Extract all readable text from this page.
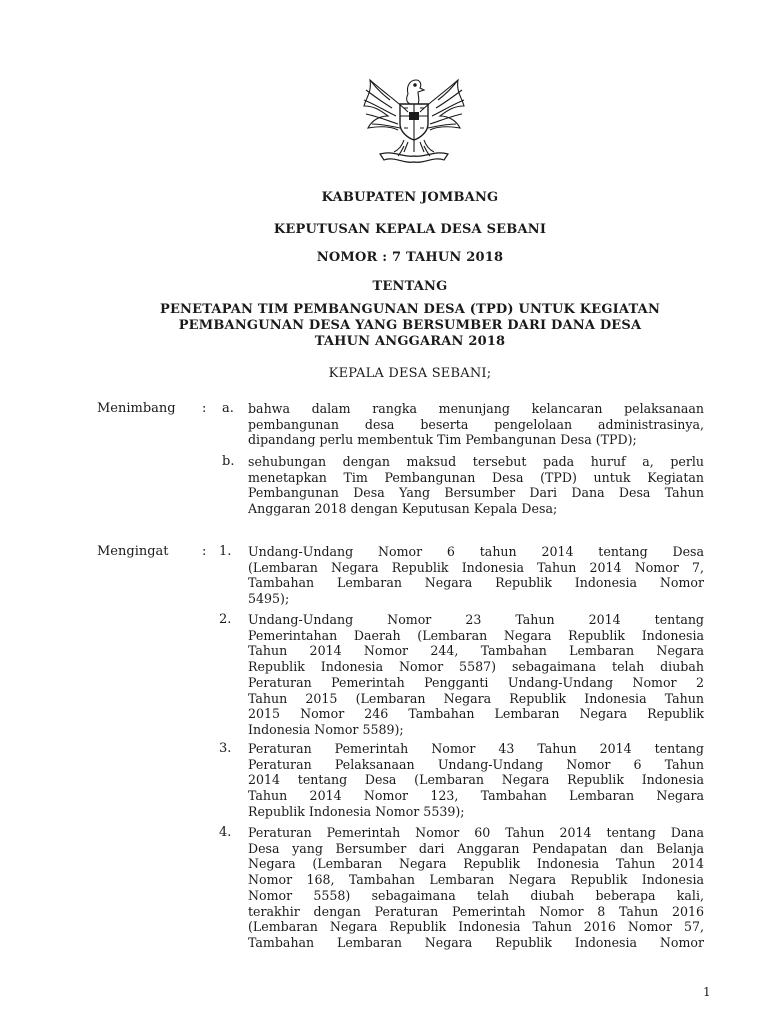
KABUPATEN JOMBANG
KEPUTUSAN KEPALA DESA SEBANI
NOMOR : 7 TAHUN 2018
TENTANG
PENETAPAN TIM PEMBANGUNAN DESA (TPD) UNTUK KEGIATAN
PEMBANGUNAN DESA YANG BERSUMBER DARI DANA DESA
TAHUN ANGGARAN 2018
KEPALA DESA SEBANI;
Menimbang : a. bahwa dalam rangka menunjang kelancaran pelaksanaan
pembangunan desa beserta pengelolaan administrasinya,
dipandang perlu membentuk Tim Pembangunan Desa (TPD);
b. sehubungan dengan maksud tersebut pada huruf a, perlu
menetapkan Tim Pembangunan Desa (TPD) untuk Kegiatan
Pembangunan Desa Yang Bersumber Dari Dana Desa Tahun
Anggaran 2018 dengan Keputusan Kepala Desa;
Mengingat	: 1. Undang-Undang Nomor 6 tahun 2014 tentang Desa
(Lembaran Negara Republik Indonesia Tahun 2014 Nomor 7,
Tambahan Lembaran Negara Republik Indonesia Nomor
5495);
2. Undang-Undang Nomor 23 Tahun 2014 tentang
Pemerintahan Daerah (Lembaran Negara Republik Indonesia
Tahun 2014 Nomor 244, Tambahan Lembaran Negara
Republik Indonesia Nomor 5587) sebagaimana telah diubah
Peraturan Pemerintah Pengganti Undang-Undang Nomor 2
Tahun 2015 (Lembaran Negara Republik Indonesia Tahun
2015 Nomor 246 Tambahan Lembaran Negara Republik
Indonesia Nomor 5589);
3. Peraturan Pemerintah Nomor 43 Tahun 2014 tentang
Peraturan Pelaksanaan Undang-Undang Nomor 6 Tahun
2014 tentang Desa (Lembaran Negara Republik Indonesia
Tahun 2014 Nomor 123, Tambahan Lembaran Negara
Republik Indonesia Nomor 5539);
4. Peraturan Pemerintah Nomor 60 Tahun 2014 tentang Dana
Desa yang Bersumber dari Anggaran Pendapatan dan Belanja
Negara (Lembaran Negara Republik Indonesia Tahun 2014
Nomor 168, Tambahan Lembaran Negara Republik Indonesia
Nomor 5558) sebagaimana telah diubah beberapa kali,
terakhir dengan Peraturan Pemerintah Nomor 8 Tahun 2016
(Lembaran Negara Republik Indonesia Tahun 2016 Nomor 57,
Tambahan Lembaran Negara Republik Indonesia Nomor
1
